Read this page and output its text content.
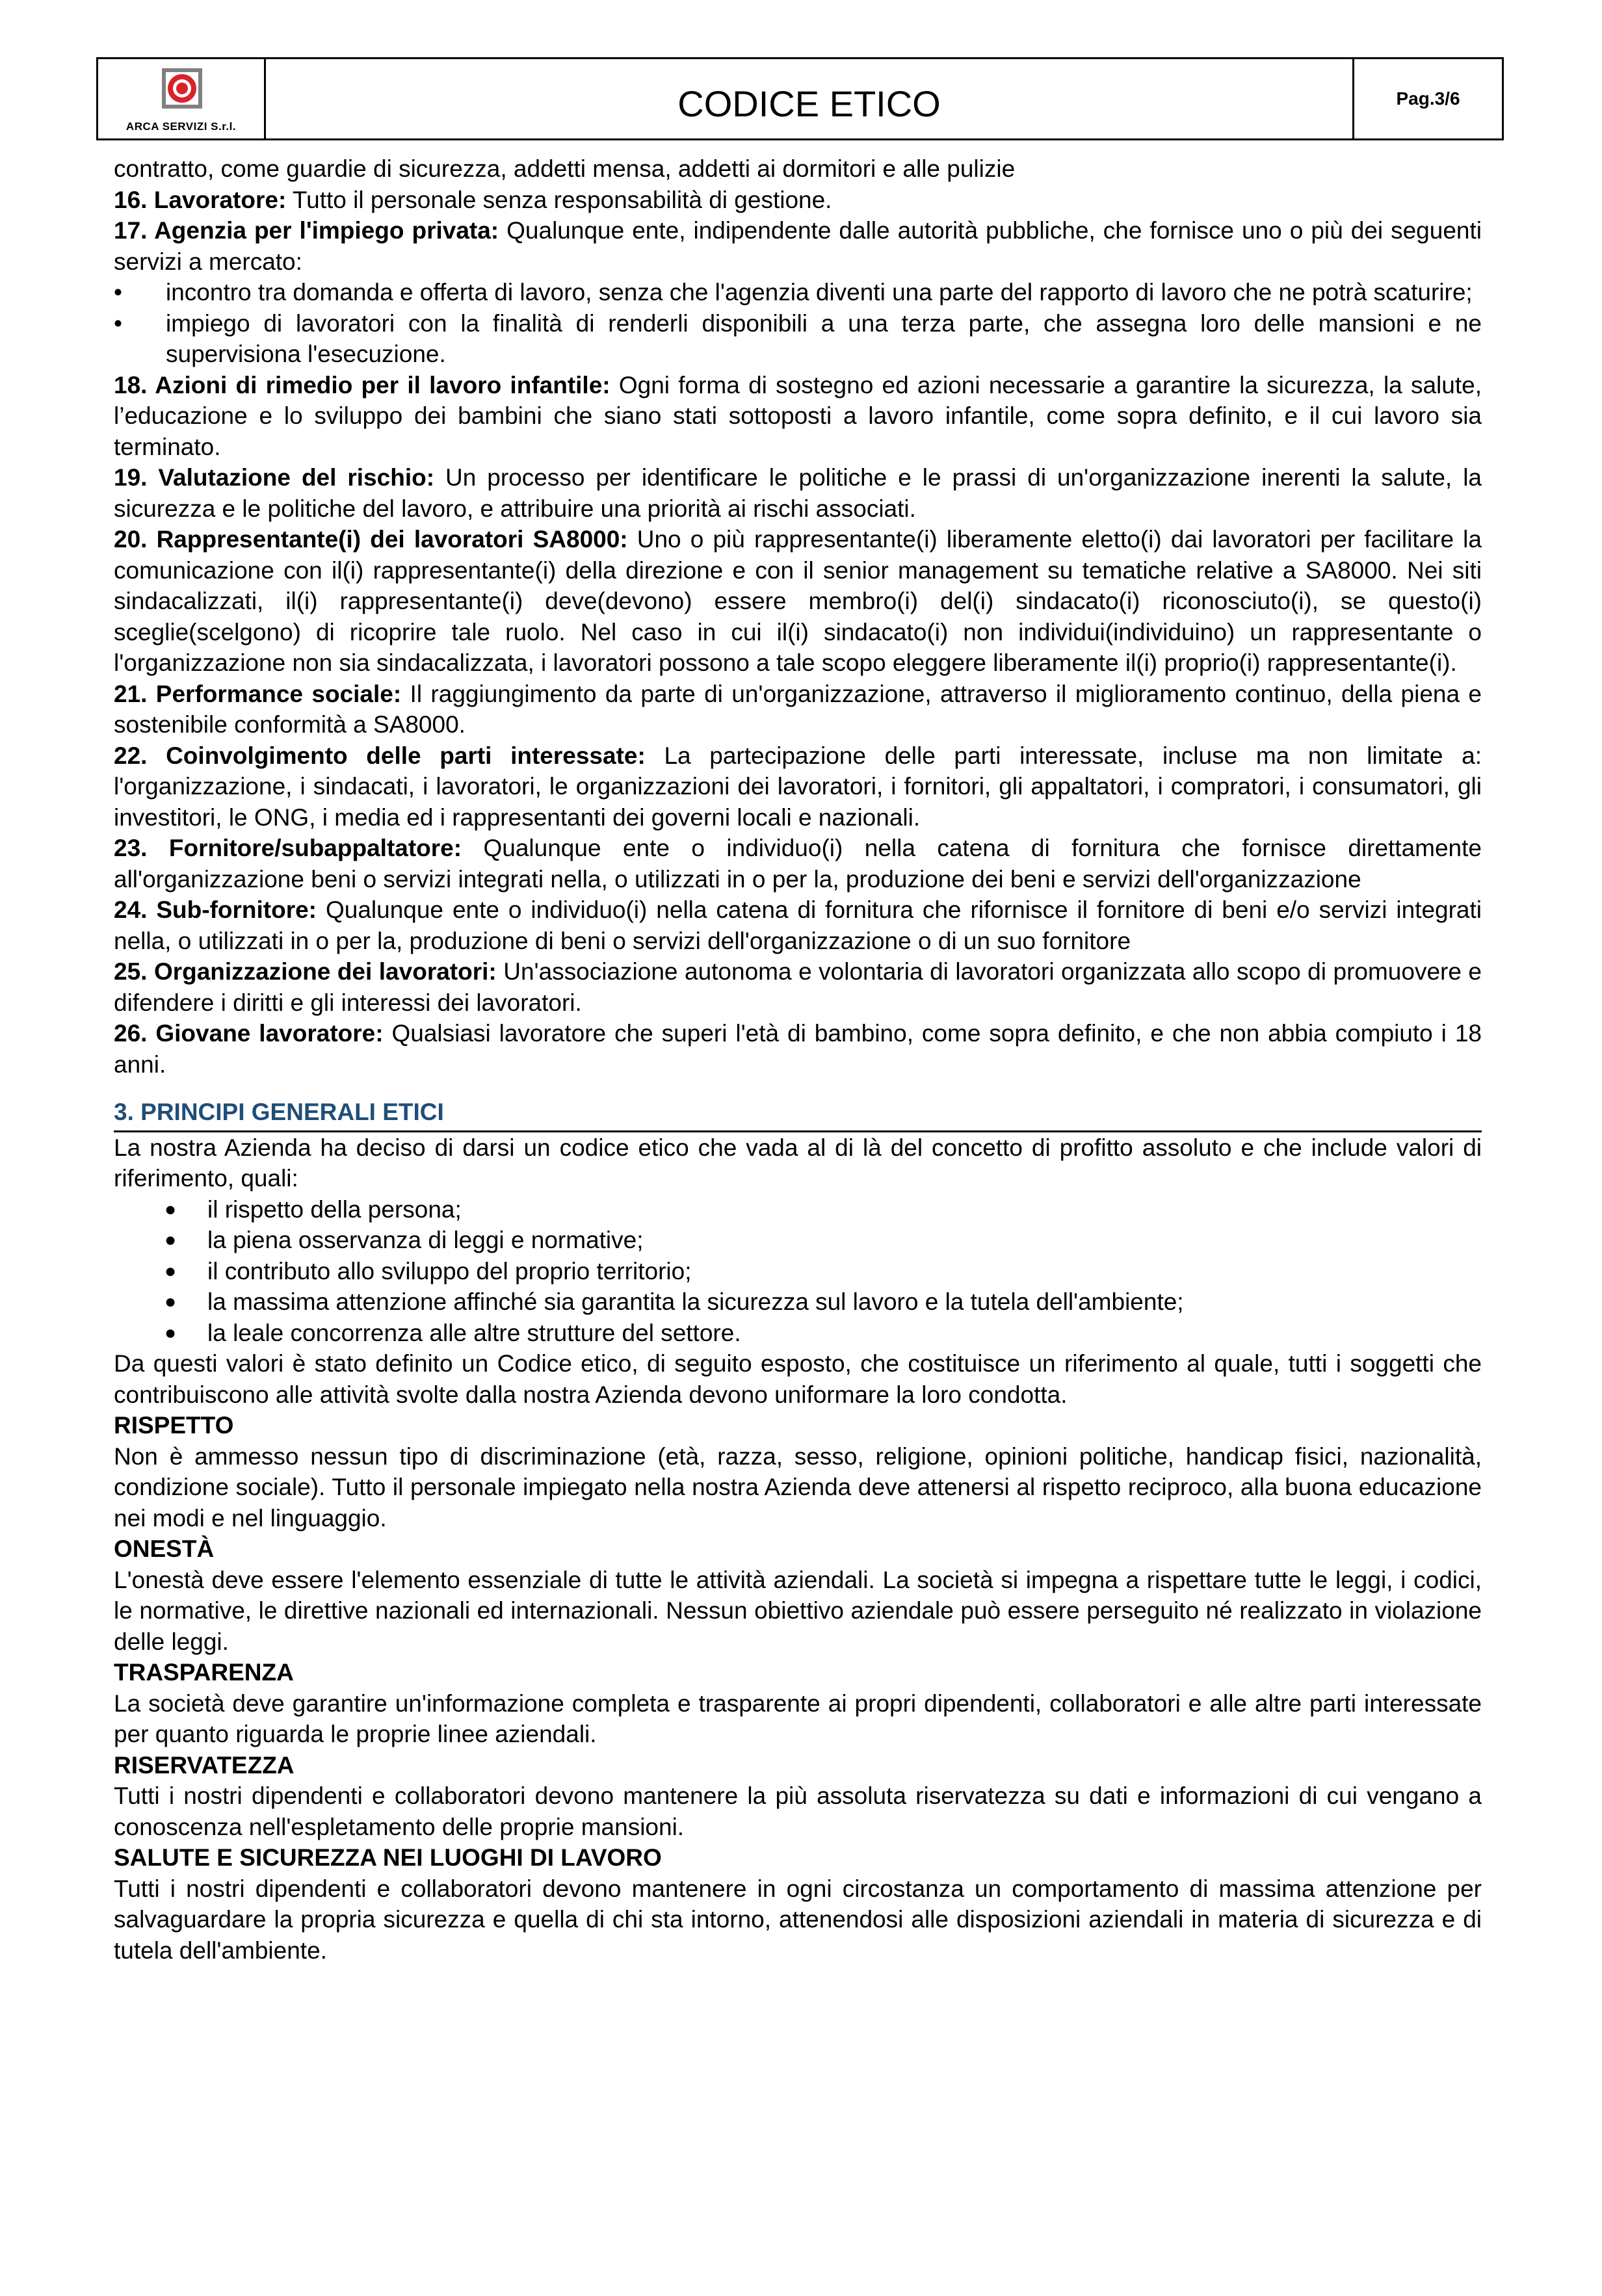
ARCA SERVIZI S.r.l.
CODICE ETICO	Pag.3/6

contratto, come guardie di sicurezza, addetti mensa, addetti ai dormitori e alle pulizie

16. Lavoratore: Tutto il personale senza responsabilità di gestione.

17. Agenzia per l'impiego privata: Qualunque ente, indipendente dalle autorità pubbliche, che fornisce uno o più dei seguenti servizi a mercato:

• incontro tra domanda e offerta di lavoro, senza che l'agenzia diventi una parte del rapporto di lavoro che ne potrà scaturire;
• impiego di lavoratori con la finalità di renderli disponibili a una terza parte, che assegna loro delle mansioni e ne supervisiona l'esecuzione.

18. Azioni di rimedio per il lavoro infantile: Ogni forma di sostegno ed azioni necessarie a garantire la sicurezza, la salute, l’educazione e lo sviluppo dei bambini che siano stati sottoposti a lavoro infantile, come sopra definito, e il cui lavoro sia terminato.

19. Valutazione del rischio: Un processo per identificare le politiche e le prassi di un'organizzazione inerenti la salute, la sicurezza e le politiche del lavoro, e attribuire una priorità ai rischi associati.

20. Rappresentante(i) dei lavoratori SA8000: Uno o più rappresentante(i) liberamente eletto(i) dai lavoratori per facilitare la comunicazione con il(i) rappresentante(i) della direzione e con il senior management su tematiche relative a SA8000. Nei siti sindacalizzati, il(i) rappresentante(i) deve(devono) essere membro(i) del(i) sindacato(i) riconosciuto(i), se questo(i) sceglie(scelgono) di ricoprire tale ruolo. Nel caso in cui il(i) sindacato(i) non individui(individuino) un rappresentante o l'organizzazione non sia sindacalizzata, i lavoratori possono a tale scopo eleggere liberamente il(i) proprio(i) rappresentante(i).

21. Performance sociale: Il raggiungimento da parte di un'organizzazione, attraverso il miglioramento continuo, della piena e sostenibile conformità a SA8000.

22. Coinvolgimento delle parti interessate: La partecipazione delle parti interessate, incluse ma non limitate a: l'organizzazione, i sindacati, i lavoratori, le organizzazioni dei lavoratori, i fornitori, gli appaltatori, i compratori, i consumatori, gli investitori, le ONG, i media ed i rappresentanti dei governi locali e nazionali.

23. Fornitore/subappaltatore: Qualunque ente o individuo(i) nella catena di fornitura che fornisce direttamente all'organizzazione beni o servizi integrati nella, o utilizzati in o per la, produzione dei beni e servizi dell'organizzazione

24. Sub-fornitore: Qualunque ente o individuo(i) nella catena di fornitura che rifornisce il fornitore di beni e/o servizi integrati nella, o utilizzati in o per la, produzione di beni o servizi dell'organizzazione o di un suo fornitore

25. Organizzazione dei lavoratori: Un'associazione autonoma e volontaria di lavoratori organizzata allo scopo di promuovere e difendere i diritti e gli interessi dei lavoratori.

26. Giovane lavoratore: Qualsiasi lavoratore che superi l'età di bambino, come sopra definito, e che non abbia compiuto i 18 anni.

3. PRINCIPI GENERALI ETICI

La nostra Azienda ha deciso di darsi un codice etico che vada al di là del concetto di profitto assoluto e che include valori di riferimento, quali:

● il rispetto della persona;
● la piena osservanza di leggi e normative;
● il contributo allo sviluppo del proprio territorio;
● la massima attenzione affinché sia garantita la sicurezza sul lavoro e la tutela dell'ambiente;
● la leale concorrenza alle altre strutture del settore.

Da questi valori è stato definito un Codice etico, di seguito esposto, che costituisce un riferimento al quale, tutti i soggetti che contribuiscono alle attività svolte dalla nostra Azienda devono uniformare la loro condotta.

RISPETTO

Non è ammesso nessun tipo di discriminazione (età, razza, sesso, religione, opinioni politiche, handicap fisici, nazionalità, condizione sociale). Tutto il personale impiegato nella nostra Azienda deve attenersi al rispetto reciproco, alla buona educazione nei modi e nel linguaggio.

ONESTÀ

L'onestà deve essere l'elemento essenziale di tutte le attività aziendali. La società si impegna a rispettare tutte le leggi, i codici, le normative, le direttive nazionali ed internazionali. Nessun obiettivo aziendale può essere perseguito né realizzato in violazione delle leggi.

TRASPARENZA

La società deve garantire un'informazione completa e trasparente ai propri dipendenti, collaboratori e alle altre parti interessate per quanto riguarda le proprie linee aziendali.

RISERVATEZZA

Tutti i nostri dipendenti e collaboratori devono mantenere la più assoluta riservatezza su dati e informazioni di cui vengano a conoscenza nell'espletamento delle proprie mansioni.

SALUTE E SICUREZZA NEI LUOGHI DI LAVORO

Tutti i nostri dipendenti e collaboratori devono mantenere in ogni circostanza un comportamento di massima attenzione per salvaguardare la propria sicurezza e quella di chi sta intorno, attenendosi alle disposizioni aziendali in materia di sicurezza e di tutela dell'ambiente.
